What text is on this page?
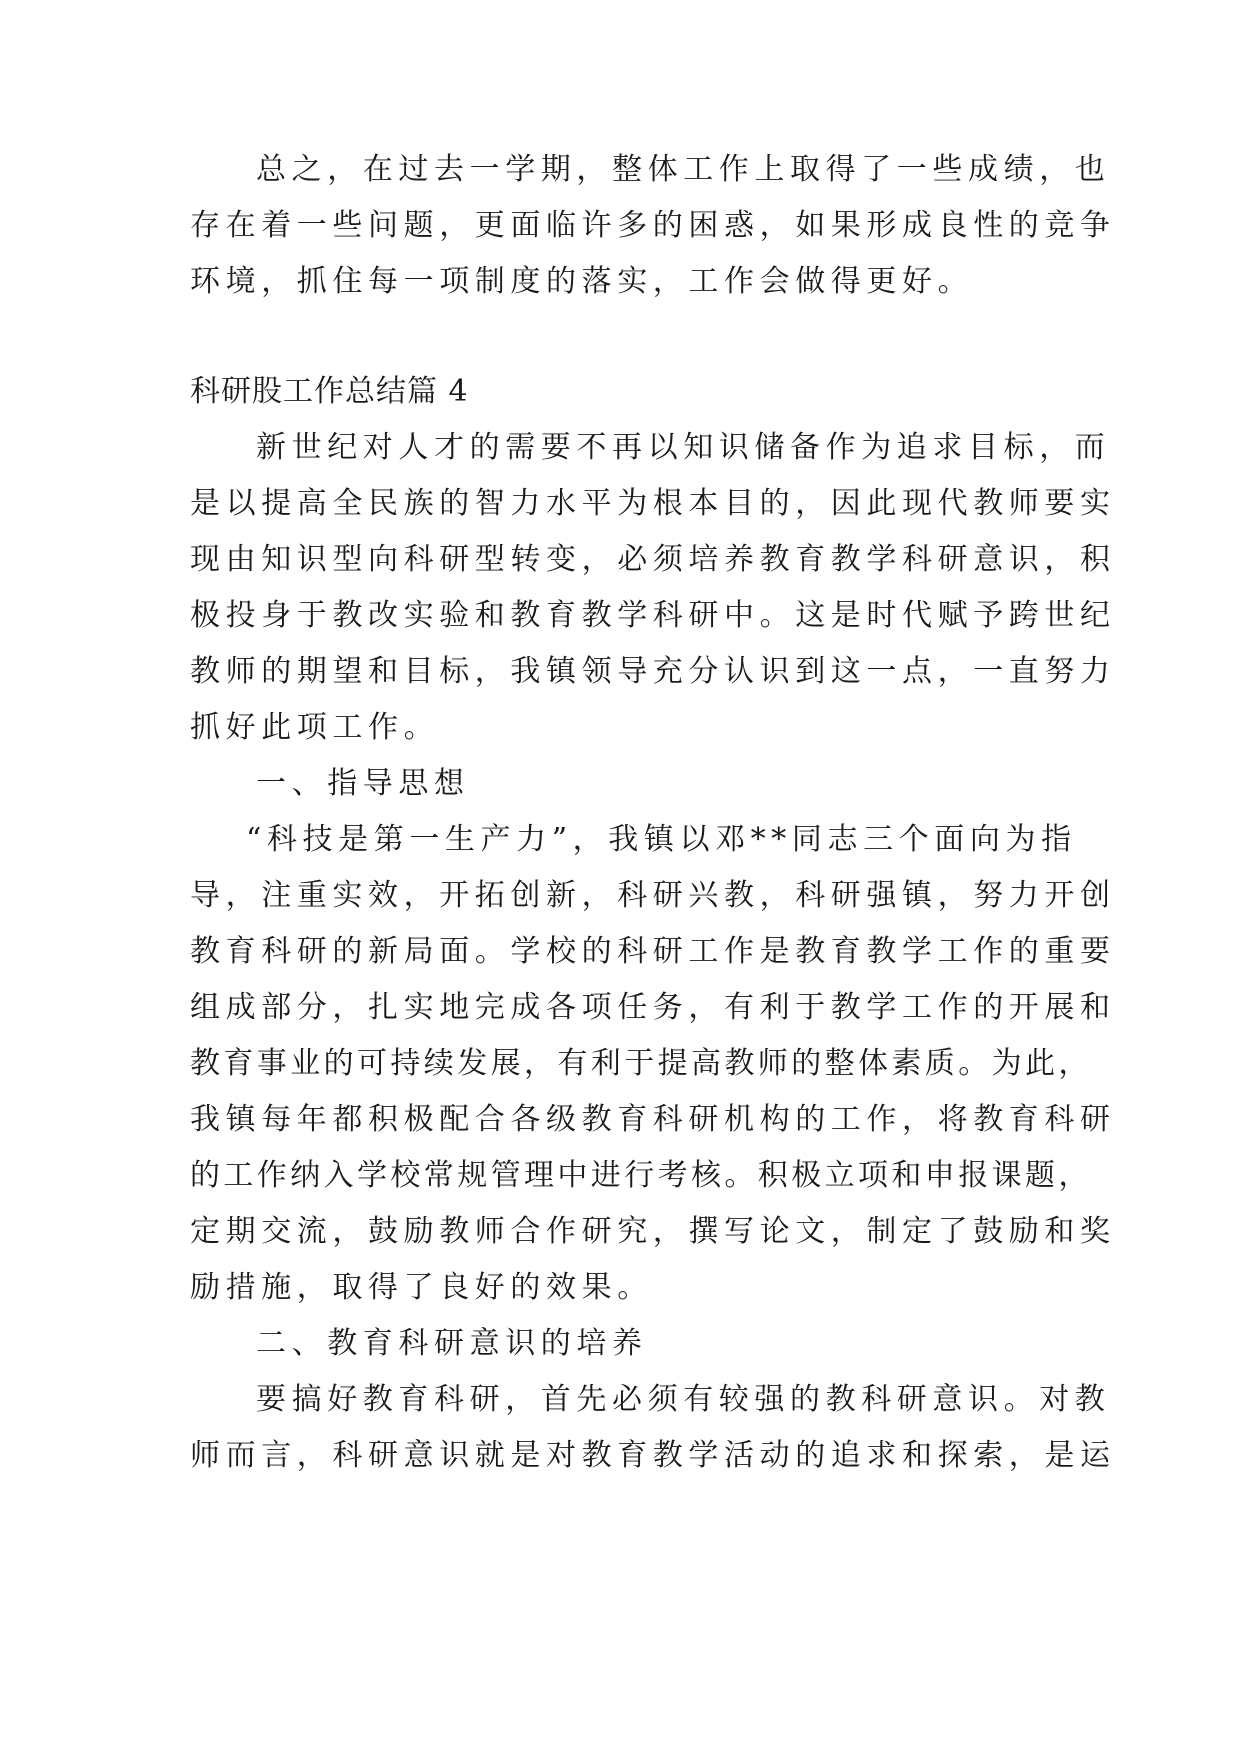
总之，在过去一学期，整体工作上取得了一些成绩，也
存在着一些问题，更面临许多的困惑，如果形成良性的竞争
环境，抓住每一项制度的落实，工作会做得更好。
科研股工作总结篇 4
新世纪对人才的需要不再以知识储备作为追求目标，而
是以提高全民族的智力水平为根本目的，因此现代教师要实
现由知识型向科研型转变，必须培养教育教学科研意识，积
极投身于教改实验和教育教学科研中。这是时代赋予跨世纪
教师的期望和目标，我镇领导充分认识到这一点，一直努力
抓好此项工作。
一、指导思想
“科技是第一生产力”，我镇以邓**同志三个面向为指
导，注重实效，开拓创新，科研兴教，科研强镇，努力开创
教育科研的新局面。学校的科研工作是教育教学工作的重要
组成部分，扎实地完成各项任务，有利于教学工作的开展和
教育事业的可持续发展，有利于提高教师的整体素质。为此，
我镇每年都积极配合各级教育科研机构的工作，将教育科研
的工作纳入学校常规管理中进行考核。积极立项和申报课题，
定期交流，鼓励教师合作研究，撰写论文，制定了鼓励和奖
励措施，取得了良好的效果。
二、教育科研意识的培养
要搞好教育科研，首先必须有较强的教科研意识。对教
师而言，科研意识就是对教育教学活动的追求和探索，是运
